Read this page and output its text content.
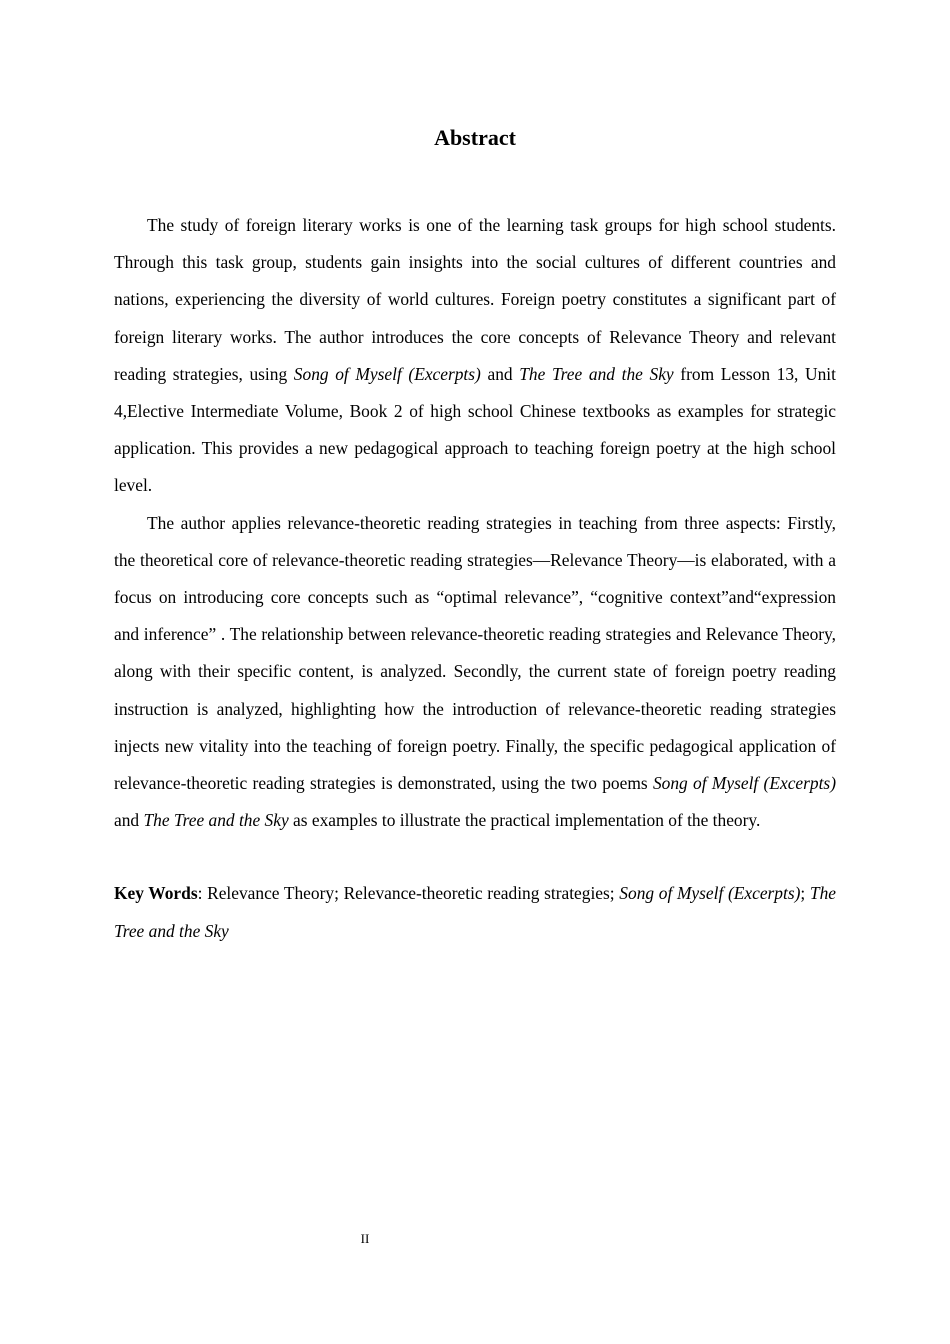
Abstract

The study of foreign literary works is one of the learning task groups for high school students. Through this task group, students gain insights into the social cultures of different countries and nations, experiencing the diversity of world cultures. Foreign poetry constitutes a significant part of foreign literary works. The author introduces the core concepts of Relevance Theory and relevant reading strategies, using Song of Myself (Excerpts) and The Tree and the Sky from Lesson 13, Unit 4,Elective Intermediate Volume, Book 2 of high school Chinese textbooks as examples for strategic application. This provides a new pedagogical approach to teaching foreign poetry at the high school level.

The author applies relevance-theoretic reading strategies in teaching from three aspects: Firstly, the theoretical core of relevance-theoretic reading strategies—Relevance Theory—is elaborated, with a focus on introducing core concepts such as “optimal relevance”, “cognitive context”and“expression and inference” . The relationship between relevance-theoretic reading strategies and Relevance Theory, along with their specific content, is analyzed. Secondly, the current state of foreign poetry reading instruction is analyzed, highlighting how the introduction of relevance-theoretic reading strategies injects new vitality into the teaching of foreign poetry. Finally, the specific pedagogical application of relevance-theoretic reading strategies is demonstrated, using the two poems Song of Myself (Excerpts) and The Tree and the Sky as examples to illustrate the practical implementation of the theory.

Key Words: Relevance Theory; Relevance-theoretic reading strategies; Song of Myself (Excerpts); The Tree and the Sky

II
